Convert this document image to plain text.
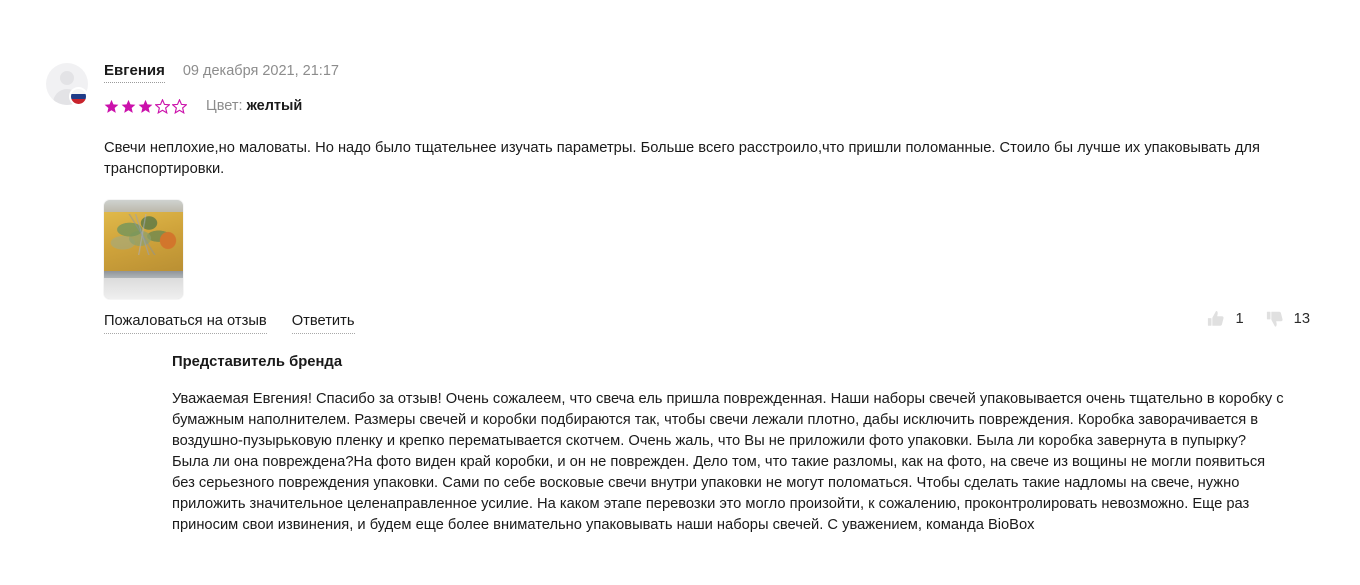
Евгения 09 декабря 2021, 21:17
Цвет: желтый
Свечи неплохие,но маловаты. Но надо было тщательнее изучать параметры. Больше всего расстроило,что пришли поломанные. Стоило бы лучше их упаковывать для транспортировки.
Пожаловаться на отзыв Ответить	1	13
Представитель бренда
Уважаемая Евгения! Спасибо за отзыв! Очень сожалеем, что свеча ель пришла поврежденная. Наши наборы свечей упаковывается очень тщательно в коробку с бумажным наполнителем. Размеры свечей и коробки подбираются так, чтобы свечи лежали плотно, дабы исключить повреждения. Коробка заворачивается в воздушно-пузырьковую пленку и крепко перематывается скотчем. Очень жаль, что Вы не приложили фото упаковки. Была ли коробка завернута в пупырку? Была ли она повреждена?На фото виден край коробки, и он не поврежден. Дело том, что такие разломы, как на фото, на свече из вощины не могли появиться без серьезного повреждения упаковки. Сами по себе восковые свечи внутри упаковки не могут поломаться. Чтобы сделать такие надломы на свече, нужно приложить значительное целенаправленное усилие. На каком этапе перевозки это могло произойти, к сожалению, проконтролировать невозможно. Еще раз приносим свои извинения, и будем еще более внимательно упаковывать наши наборы свечей. С уважением, команда BioBox
